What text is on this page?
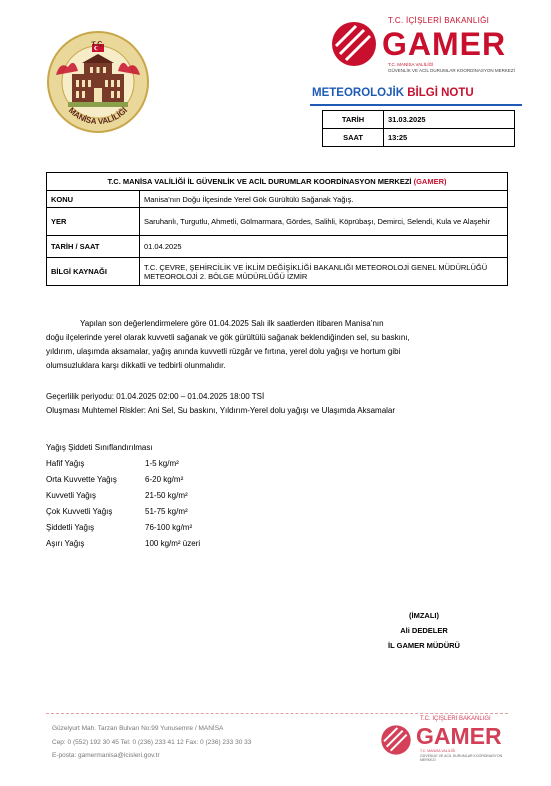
T.C.
MANİSA VALİLİĞİ
T.C. İÇİŞLERİ BAKANLIĞI
GAMER
T.C. MANİSA VALİLİĞİ
GÜVENLİK VE ACİL DURUMLAR KOORDİNASYON MERKEZİ
METEOROLOJİK BİLGİ NOTU
TARİH	31.03.2025
SAAT	13:25
T.C. MANİSA VALİLİĞİ İL GÜVENLİK VE ACİL DURUMLAR KOORDİNASYON MERKEZİ (GAMER)	
KONU	Manisa’nın Doğu İlçesinde Yerel Gök Gürültülü Sağanak Yağış.
YER	Saruhanlı, Turgutlu, Ahmetli, Gölmarmara, Gördes, Salihli, Köprübaşı, Demirci, Selendi, Kula ve Alaşehir
TARİH / SAAT	01.04.2025
BİLGİ KAYNAĞI	T.C. ÇEVRE, ŞEHİRCİLİK VE İKLİM DEĞİŞİKLİĞİ BAKANLIĞI METEOROLOJİ GENEL MÜDÜRLÜĞÜ METEOROLOJİ 2. BÖLGE MÜDÜRLÜĞÜ İZMİR
Yapılan son değerlendirmelere göre 01.04.2025 Salı ilk saatlerden itibaren Manisa’nın
doğu ilçelerinde yerel olarak kuvvetli sağanak ve gök gürültülü sağanak beklendiğinden sel, su baskını,
yıldırım, ulaşımda aksamalar, yağış anında kuvvetli rüzgâr ve fırtına, yerel dolu yağışı ve hortum gibi
olumsuzluklara karşı dikkatli ve tedbirli olunmalıdır.
Geçerlilik periyodu: 01.04.2025 02:00 – 01.04.2025 18:00 TSİ
Oluşması Muhtemel Riskler: Ani Sel, Su baskını, Yıldırım-Yerel dolu yağışı ve Ulaşımda Aksamalar
Yağış Şiddeti Sınıflandırılması
Hafif Yağış	1-5 kg/m²
Orta Kuvvette Yağış	6-20 kg/m²
Kuvvetli Yağış	21-50 kg/m²
Çok Kuvvetli Yağış	51-75 kg/m²
Şiddetli Yağış	76-100 kg/m²
Aşırı Yağış	100 kg/m² üzeri
(İMZALI)
Ali DEDELER
İL GAMER MÜDÜRÜ
Güzelyurt Mah. Tarzan Bulvarı No:99 Yunusemre / MANİSA
Cep: 0 (552) 192 30 45 Tel: 0 (236) 233 41 12 Fax: 0 (236) 233 30 33
E-posta: gamermanisa@icisleri.gov.tr
T.C. İÇİŞLERİ BAKANLIĞI
GAMER
T.C. MANİSA VALİLİĞİ
GÜVENLİK VE ACİL DURUMLAR KOORDİNASYON MERKEZİ
